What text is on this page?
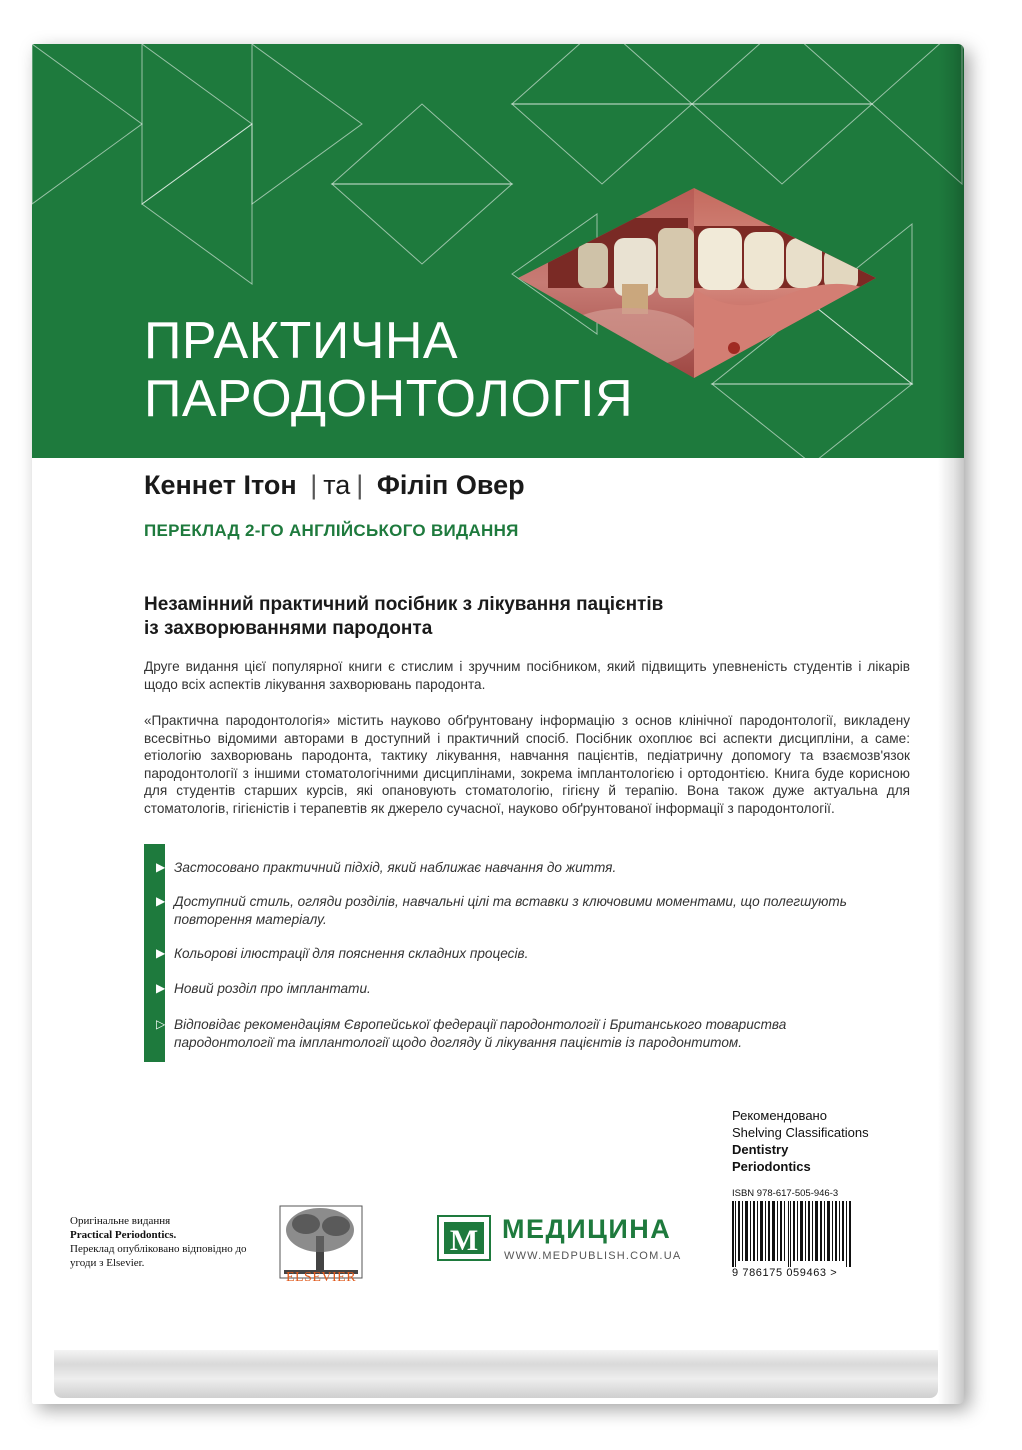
ПРАКТИЧНА
ПАРОДОНТОЛОГІЯ
Кеннет Ітон | та | Філіп Овер
ПЕРЕКЛАД 2-ГО АНГЛІЙСЬКОГО ВИДАННЯ
Незамінний практичний посібник з лікування пацієнтів
із захворюваннями пародонта
Друге видання цієї популярної книги є стислим і зручним посібником, який підвищить упевненість студентів і лікарів щодо всіх аспектів лікування захворювань пародонта.
«Практична пародонтологія» містить науково обґрунтовану інформацію з основ клінічної пародонтології, викладену всесвітньо відомими авторами в доступний і практичний спосіб. Посібник охоплює всі аспекти дисципліни, а саме: етіологію захворювань пародонта, тактику лікування, навчання пацієнтів, педіатричну допомогу та взаємозв'язок пародонтології з іншими стоматологічними дисциплінами, зокрема імплантологією і ортодонтією. Книга буде корисною для студентів старших курсів, які опановують стоматологію, гігієну й терапію. Вона також дуже актуальна для стоматологів, гігієністів і терапевтів як джерело сучасної, науково обґрунтованої інформації з пародонтології.
▶ Застосовано практичний підхід, який наближає навчання до життя.
▶ Доступний стиль, огляди розділів, навчальні цілі та вставки з ключовими моментами, що полегшують повторення матеріалу.
▶ Кольорові ілюстрації для пояснення складних процесів.
▶ Новий розділ про імплантати.
▷ Відповідає рекомендаціям Європейської федерації пародонтології і Британського товариства пародонтології та імплантології щодо догляду й лікування пацієнтів із пародонтитом.
Рекомендовано
Shelving Classifications
Dentistry
Periodontics
ISBN 978-617-505-946-3
9 786175 059463 >
Оригінальне видання
Practical Periodontics.
Переклад опубліковано відповідно до угоди з Elsevier.
ELSEVIER
M МЕДИЦИНА
WWW.MEDPUBLISH.COM.UA
